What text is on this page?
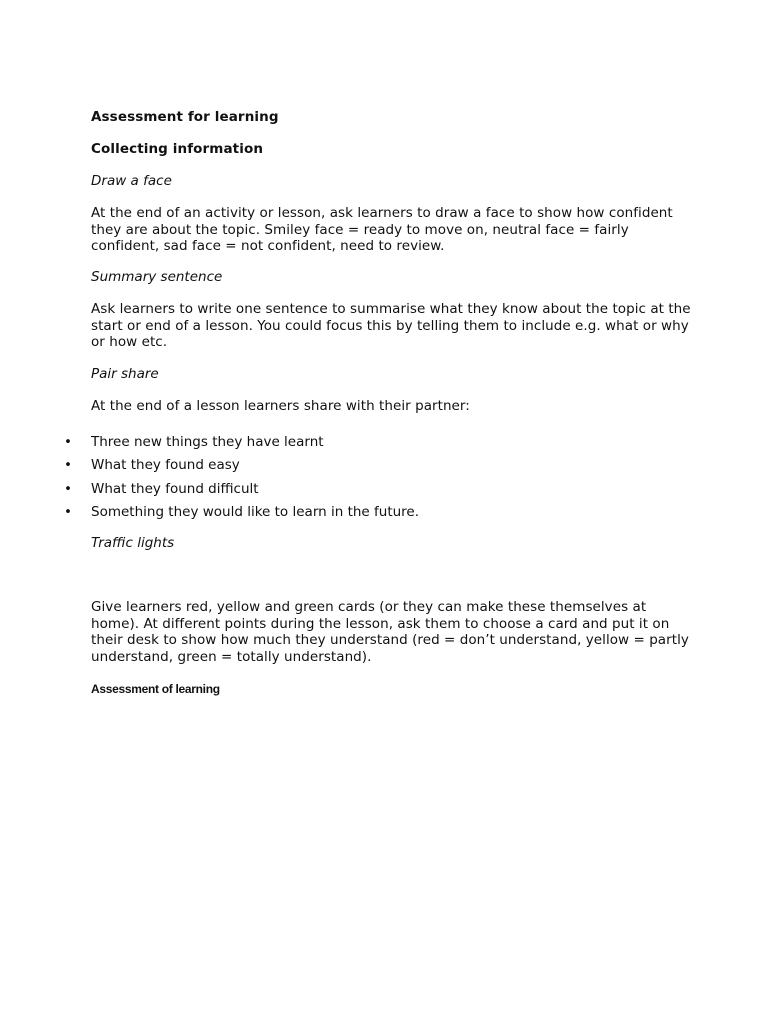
Assessment for learning

Collecting information

Draw a face

At the end of an activity or lesson, ask learners to draw a face to show how confident
they are about the topic. Smiley face = ready to move on, neutral face = fairly
confident, sad face = not confident, need to review.

Summary sentence

Ask learners to write one sentence to summarise what they know about the topic at the
start or end of a lesson. You could focus this by telling them to include e.g. what or why
or how etc.

Pair share

At the end of a lesson learners share with their partner:

•	Three new things they have learnt
•	What they found easy
•	What they found difficult
•	Something they would like to learn in the future.

Traffic lights

Give learners red, yellow and green cards (or they can make these themselves at
home). At different points during the lesson, ask them to choose a card and put it on
their desk to show how much they understand (red = don’t understand, yellow = partly
understand, green = totally understand).

Assessment of learning
